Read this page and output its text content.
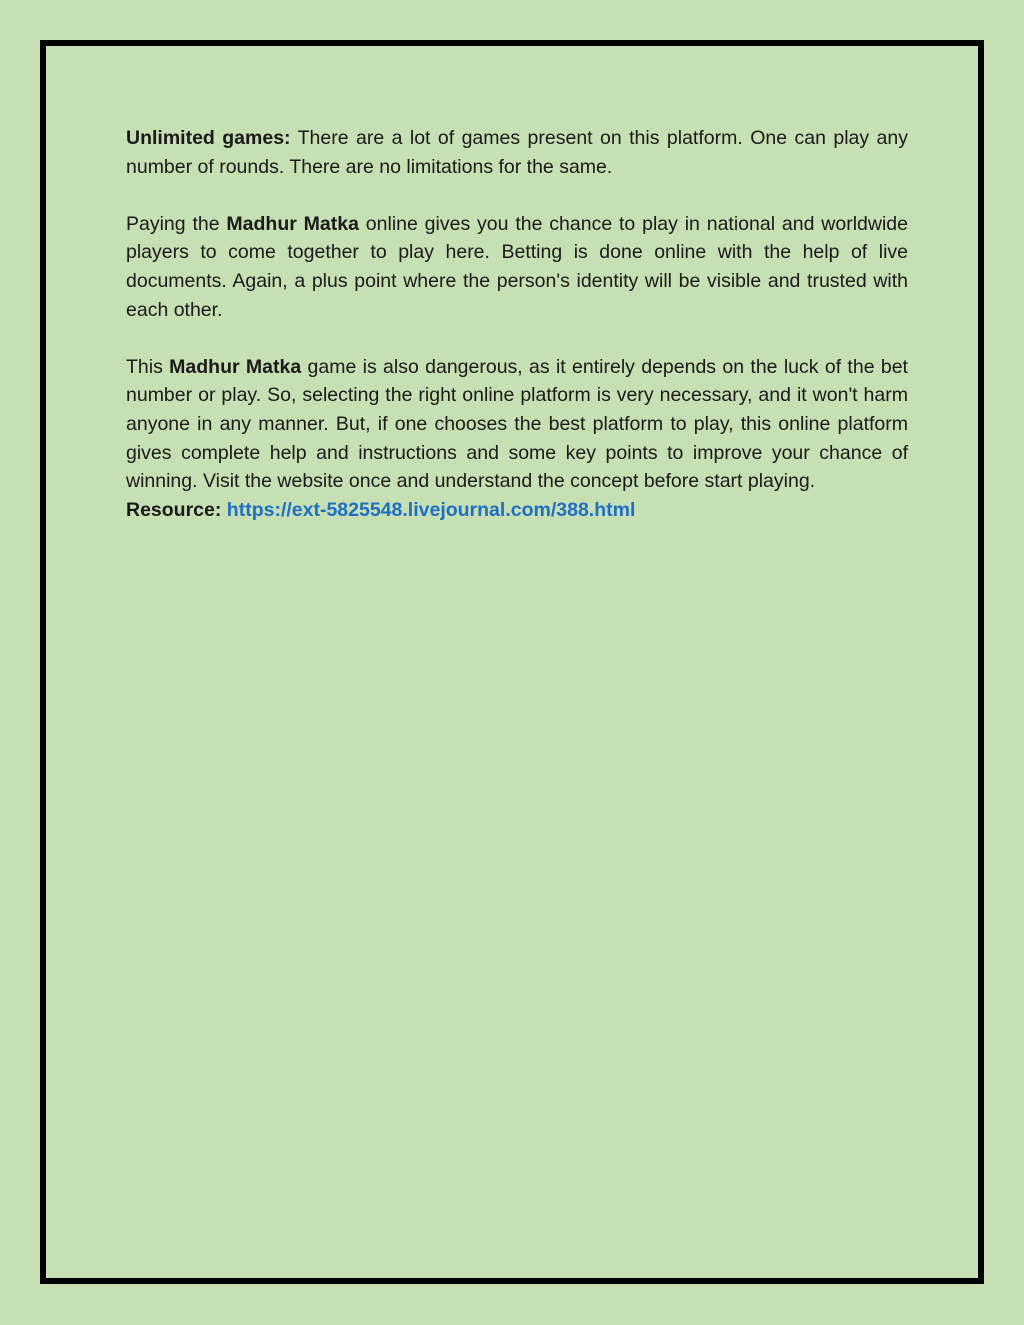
Unlimited games: There are a lot of games present on this platform. One can play any number of rounds. There are no limitations for the same.

Paying the Madhur Matka online gives you the chance to play in national and worldwide players to come together to play here. Betting is done online with the help of live documents. Again, a plus point where the person's identity will be visible and trusted with each other.

This Madhur Matka game is also dangerous, as it entirely depends on the luck of the bet number or play. So, selecting the right online platform is very necessary, and it won't harm anyone in any manner. But, if one chooses the best platform to play, this online platform gives complete help and instructions and some key points to improve your chance of winning. Visit the website once and understand the concept before start playing.

Resource: https://ext-5825548.livejournal.com/388.html
